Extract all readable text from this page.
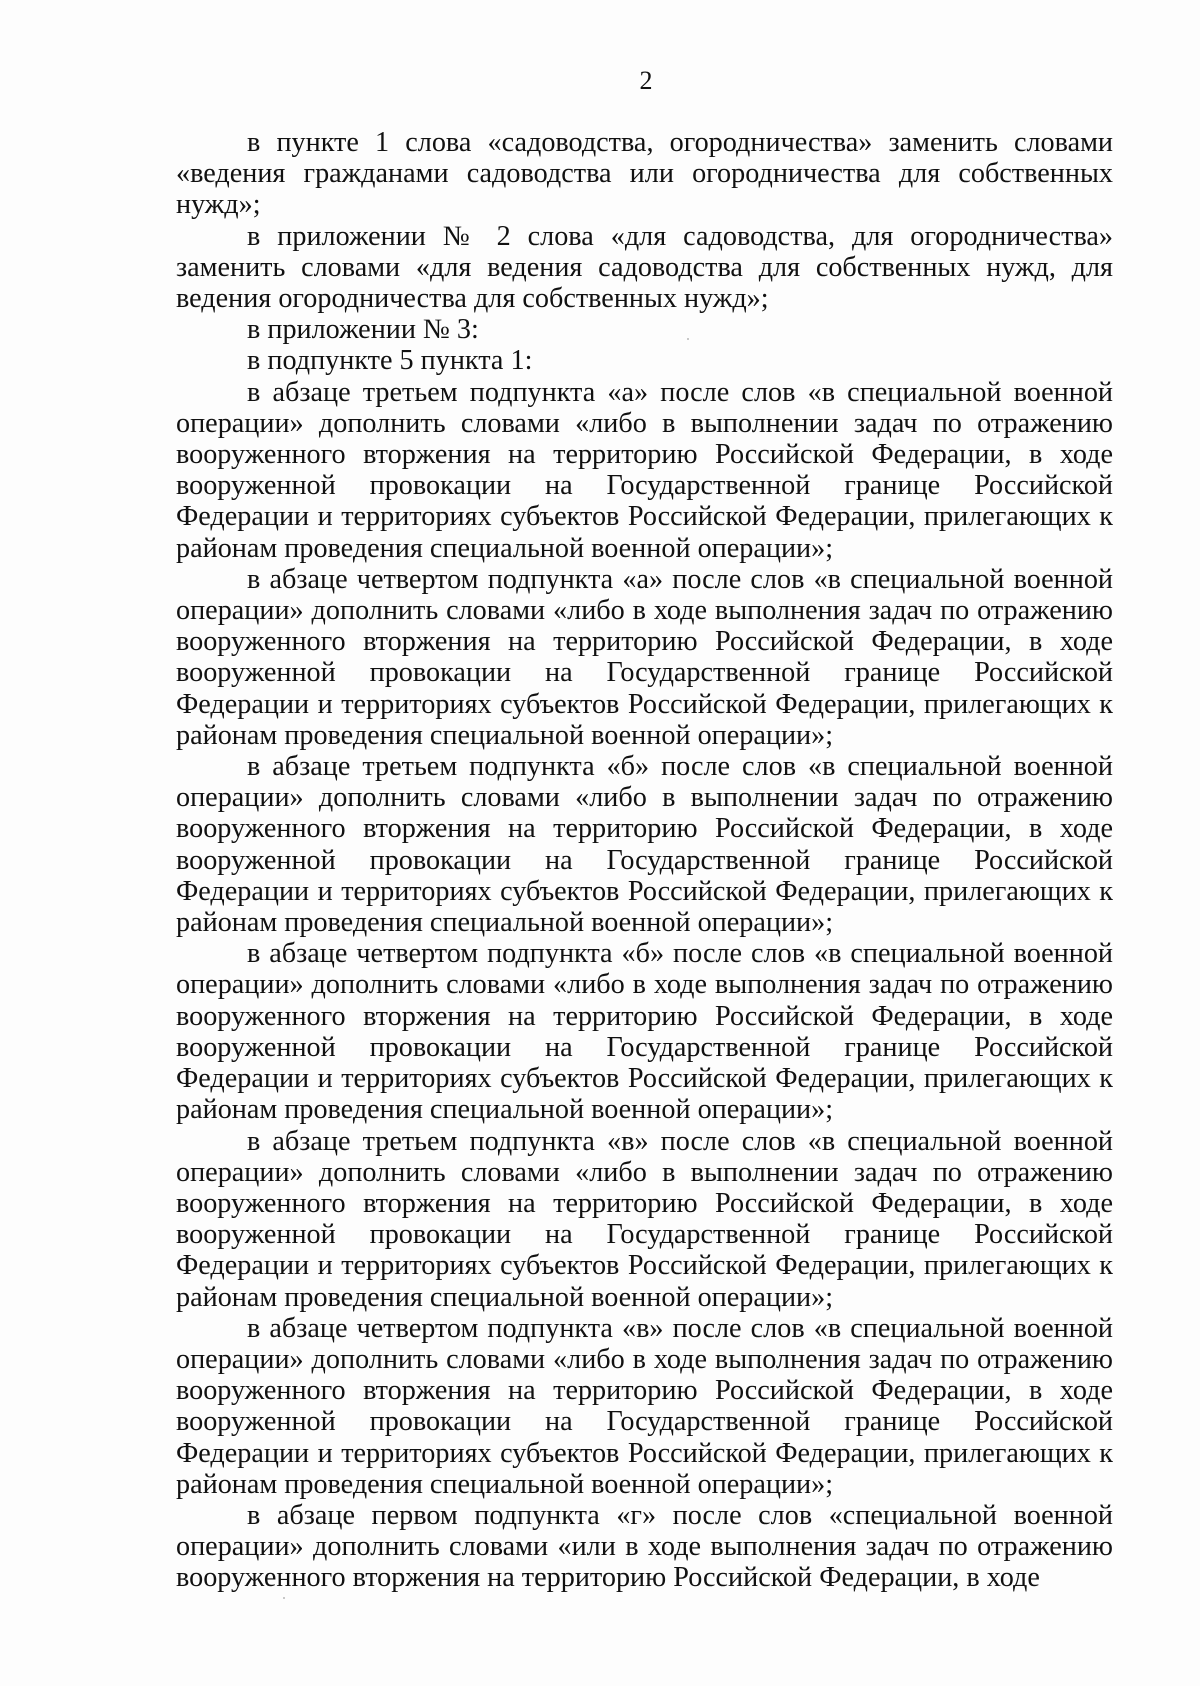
2

в пункте 1 слова «садоводства, огородничества» заменить словами «ведения гражданами садоводства или огородничества для собственных нужд»;

в приложении № 2 слова «для садоводства, для огородничества» заменить словами «для ведения садоводства для собственных нужд, для ведения огородничества для собственных нужд»;

в приложении № 3:

в подпункте 5 пункта 1:

в абзаце третьем подпункта «а» после слов «в специальной военной операции» дополнить словами «либо в выполнении задач по отражению вооруженного вторжения на территорию Российской Федерации, в ходе вооруженной провокации на Государственной границе Российской Федерации и территориях субъектов Российской Федерации, прилегающих к районам проведения специальной военной операции»;

в абзаце четвертом подпункта «а» после слов «в специальной военной операции» дополнить словами «либо в ходе выполнения задач по отражению вооруженного вторжения на территорию Российской Федерации, в ходе вооруженной провокации на Государственной границе Российской Федерации и территориях субъектов Российской Федерации, прилегающих к районам проведения специальной военной операции»;

в абзаце третьем подпункта «б» после слов «в специальной военной операции» дополнить словами «либо в выполнении задач по отражению вооруженного вторжения на территорию Российской Федерации, в ходе вооруженной провокации на Государственной границе Российской Федерации и территориях субъектов Российской Федерации, прилегающих к районам проведения специальной военной операции»;

в абзаце четвертом подпункта «б» после слов «в специальной военной операции» дополнить словами «либо в ходе выполнения задач по отражению вооруженного вторжения на территорию Российской Федерации, в ходе вооруженной провокации на Государственной границе Российской Федерации и территориях субъектов Российской Федерации, прилегающих к районам проведения специальной военной операции»;

в абзаце третьем подпункта «в» после слов «в специальной военной операции» дополнить словами «либо в выполнении задач по отражению вооруженного вторжения на территорию Российской Федерации, в ходе вооруженной провокации на Государственной границе Российской Федерации и территориях субъектов Российской Федерации, прилегающих к районам проведения специальной военной операции»;

в абзаце четвертом подпункта «в» после слов «в специальной военной операции» дополнить словами «либо в ходе выполнения задач по отражению вооруженного вторжения на территорию Российской Федерации, в ходе вооруженной провокации на Государственной границе Российской Федерации и территориях субъектов Российской Федерации, прилегающих к районам проведения специальной военной операции»;

в абзаце первом подпункта «г» после слов «специальной военной операции» дополнить словами «или в ходе выполнения задач по отражению вооруженного вторжения на территорию Российской Федерации, в ходе
